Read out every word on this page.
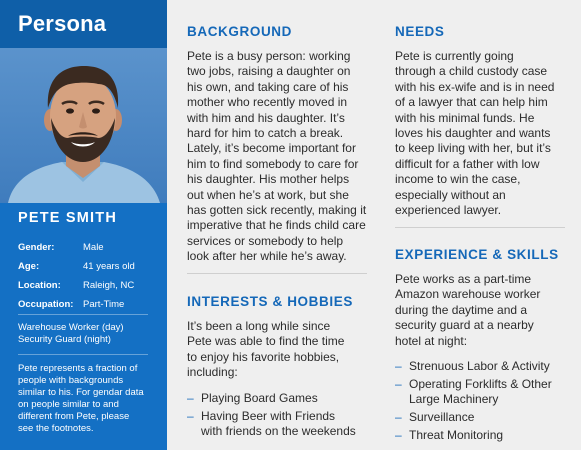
Persona
PETE SMITH
Gender:	Male
Age:	41 years old
Location: Raleigh, NC
Occupation: Part-Time
Warehouse Worker (day)
Security Guard (night)
Pete represents a fraction of
people with backgrounds
similar to his. For gendar data
on people similar to and
different from Pete, please
see the footnotes.
BACKGROUND
Pete is a busy person: working
two jobs, raising a daughter on
his own, and taking care of his
mother who recently moved in
with him and his daughter. It’s
hard for him to catch a break.
Lately, it’s become important for
him to find somebody to care for
his daughter. His mother helps
out when he’s at work, but she
has gotten sick recently, making it
imperative that he finds child care
services or somebody to help
look after her while he’s away.
INTERESTS & HOBBIES
It’s been a long while since
Pete was able to find the time
to enjoy his favorite hobbies,
including:
– Playing Board Games
– Having Beer with Friends
with friends on the weekends
NEEDS
Pete is currently going
through a child custody case
with his ex-wife and is in need
of a lawyer that can help him
with his minimal funds. He
loves his daughter and wants
to keep living with her, but it’s
difficult for a father with low
income to win the case,
especially without an
experienced lawyer.
EXPERIENCE & SKILLS
Pete works as a part-time
Amazon warehouse worker
during the daytime and a
security guard at a nearby
hotel at night:
– Strenuous Labor & Activity
– Operating Forklifts & Other
Large Machinery
– Surveillance
– Threat Monitoring
